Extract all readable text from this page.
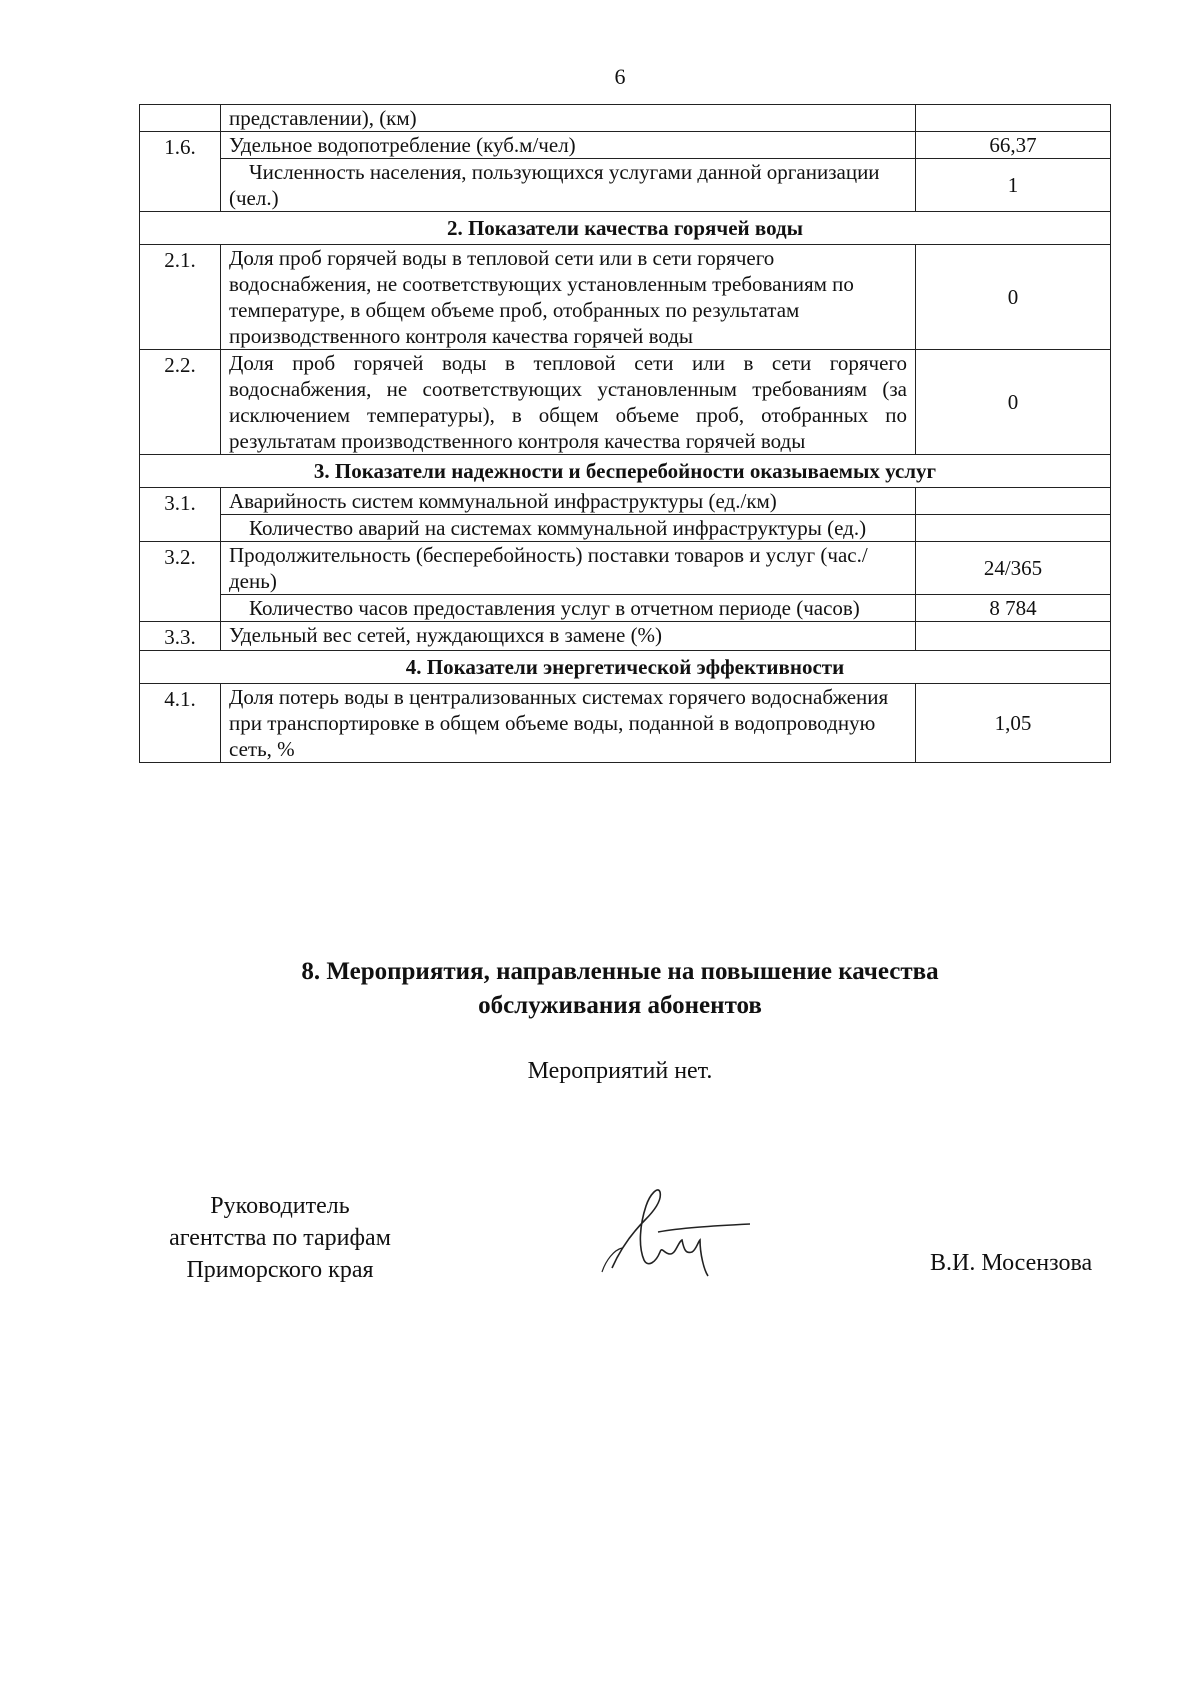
6
	представлении), (км)	
1.6.	Удельное водопотребление (куб.м/чел)	66,37
	Численность населения, пользующихся услугами данной организации (чел.)	1
2. Показатели качества горячей воды		
2.1.	Доля проб горячей воды в тепловой сети или в сети горячего водоснабжения, не соответствующих установленным требованиям по температуре, в общем объеме проб, отобранных по результатам производственного контроля качества горячей воды	0
2.2.	Доля проб горячей воды в тепловой сети или в сети горячего водоснабжения, не соответствующих установленным требованиям (за исключением температуры), в общем объеме проб, отобранных по результатам производственного контроля качества горячей воды	0
3. Показатели надежности и бесперебойности оказываемых услуг		
3.1.	Аварийность систем коммунальной инфраструктуры (ед./км)	
	Количество аварий на системах коммунальной инфраструктуры (ед.)	
3.2.	Продолжительность (бесперебойность) поставки товаров и услуг (час./день)	24/365
	Количество часов предоставления услуг в отчетном периоде (часов)	8 784
3.3.	Удельный вес сетей, нуждающихся в замене (%)	
4. Показатели энергетической эффективности		
4.1.	Доля потерь воды в централизованных системах горячего водоснабжения при транспортировке в общем объеме воды, поданной в водопроводную сеть, %	1,05
8. Мероприятия, направленные на повышение качества
обслуживания абонентов
Мероприятий нет.
Руководитель
агентства по тарифам
Приморского края	В.И. Мосензова
